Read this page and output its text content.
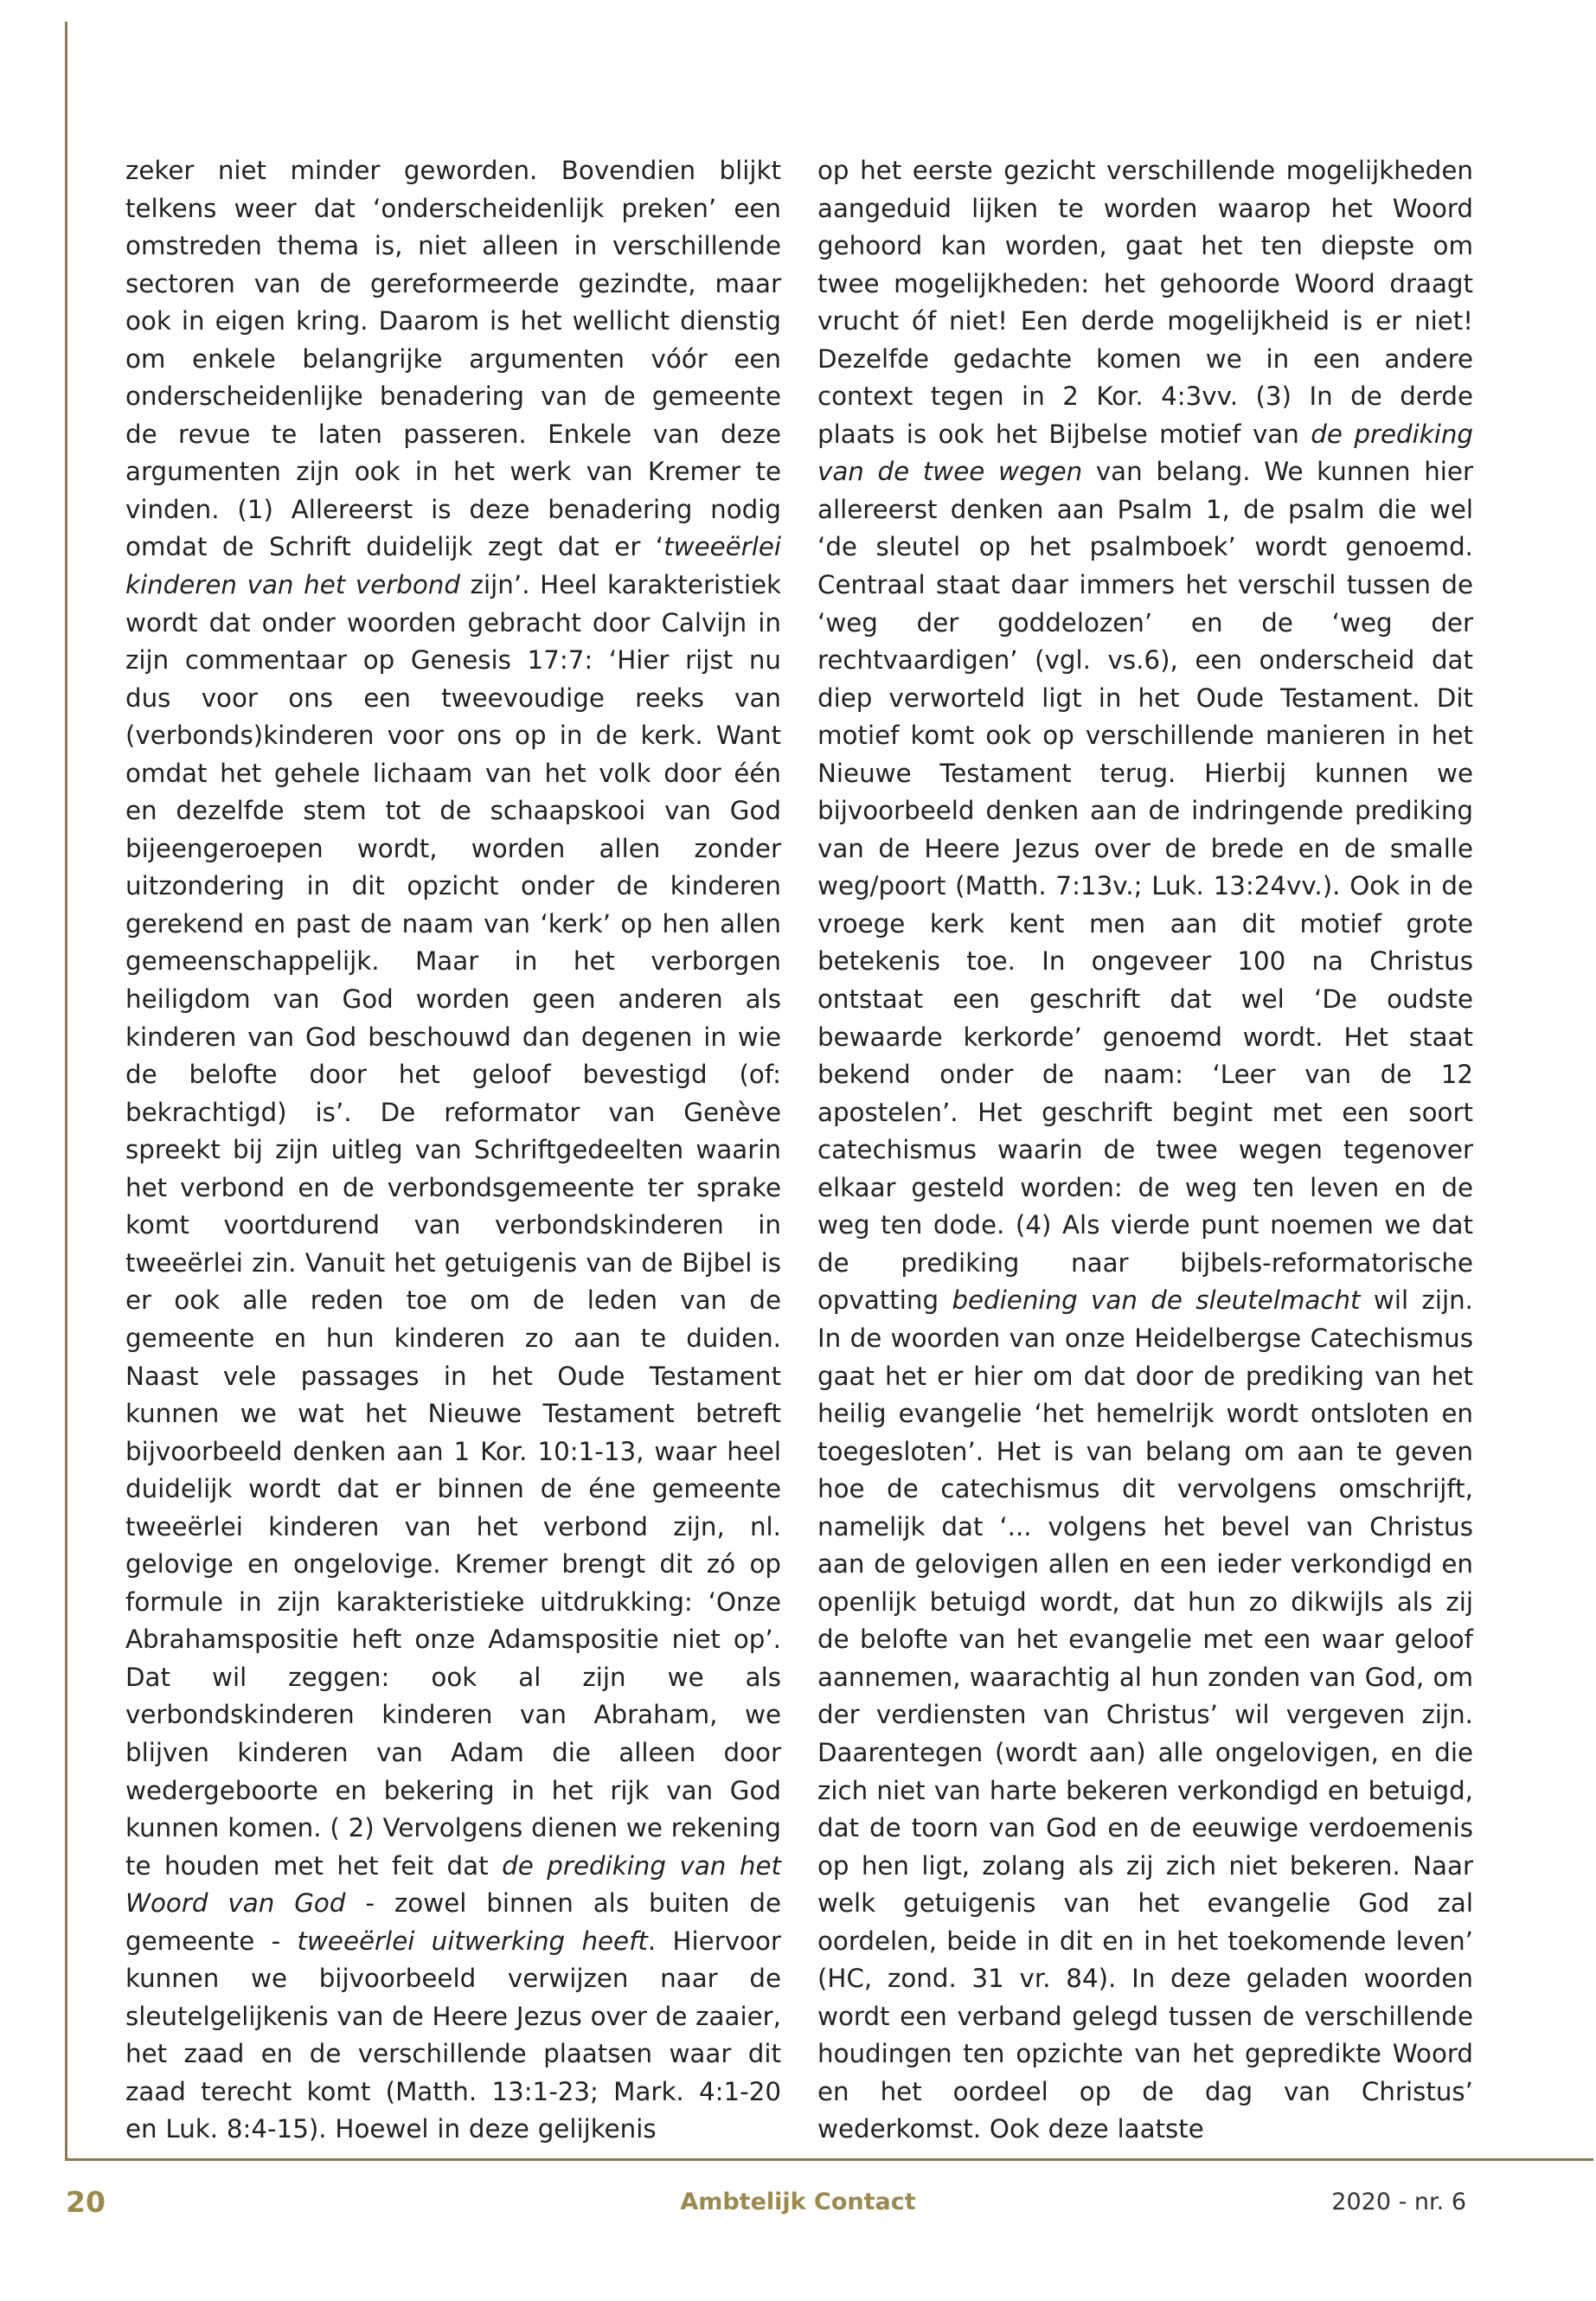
zeker niet minder geworden. Bovendien blijkt telkens weer dat ‘onderscheidenlijk preken’ een omstreden thema is, niet alleen in verschillende sectoren van de gereformeerde gezindte, maar ook in eigen kring. Daarom is het wellicht dienstig om enkele belangrijke argumenten vóór een onderscheidenlijke benadering van de gemeente de revue te laten passeren. Enkele van deze argumenten zijn ook in het werk van Kremer te vinden. (1) Allereerst is deze benadering nodig omdat de Schrift duidelijk zegt dat er ‘tweeërlei kinderen van het verbond zijn’. Heel karakteristiek wordt dat onder woorden gebracht door Calvijn in zijn commentaar op Genesis 17:7: ‘Hier rijst nu dus voor ons een tweevoudige reeks van (verbonds)kinderen voor ons op in de kerk. Want omdat het gehele lichaam van het volk door één en dezelfde stem tot de schaapskooi van God bijeengeroepen wordt, worden allen zonder uitzondering in dit opzicht onder de kinderen gerekend en past de naam van ‘kerk’ op hen allen gemeenschappelijk. Maar in het verborgen heiligdom van God worden geen anderen als kinderen van God beschouwd dan degenen in wie de belofte door het geloof bevestigd (of: bekrachtigd) is’. De reformator van Genève spreekt bij zijn uitleg van Schriftgedeelten waarin het verbond en de verbondsgemeente ter sprake komt voortdurend van verbondskinderen in tweeërlei zin. Vanuit het getuigenis van de Bijbel is er ook alle reden toe om de leden van de gemeente en hun kinderen zo aan te duiden. Naast vele passages in het Oude Testament kunnen we wat het Nieuwe Testament betreft bijvoorbeeld denken aan 1 Kor. 10:1-13, waar heel duidelijk wordt dat er binnen de éne gemeente tweeërlei kinderen van het verbond zijn, nl. gelovige en ongelovige. Kremer brengt dit zó op formule in zijn karakteristieke uitdrukking: ‘Onze Abrahamspositie heft onze Adamspositie niet op’. Dat wil zeggen: ook al zijn we als verbondskinderen kinderen van Abraham, we blijven kinderen van Adam die alleen door wedergeboorte en bekering in het rijk van God kunnen komen. ( 2) Vervolgens dienen we rekening te houden met het feit dat de prediking van het Woord van God - zowel binnen als buiten de gemeente - tweeërlei uitwerking heeft. Hiervoor kunnen we bijvoorbeeld verwijzen naar de sleutelgelijkenis van de Heere Jezus over de zaaier, het zaad en de verschillende plaatsen waar dit zaad terecht komt (Matth. 13:1-23; Mark. 4:1-20 en Luk. 8:4-15). Hoewel in deze gelijkenis

op het eerste gezicht verschillende mogelijkheden aangeduid lijken te worden waarop het Woord gehoord kan worden, gaat het ten diepste om twee mogelijkheden: het gehoorde Woord draagt vrucht óf niet! Een derde mogelijkheid is er niet! Dezelfde gedachte komen we in een andere context tegen in 2 Kor. 4:3vv. (3) In de derde plaats is ook het Bijbelse motief van de prediking van de twee wegen van belang. We kunnen hier allereerst denken aan Psalm 1, de psalm die wel ‘de sleutel op het psalmboek’ wordt genoemd. Centraal staat daar immers het verschil tussen de ‘weg der goddelozen’ en de ‘weg der rechtvaardigen’ (vgl. vs.6), een onderscheid dat diep verworteld ligt in het Oude Testament. Dit motief komt ook op verschillende manieren in het Nieuwe Testament terug. Hierbij kunnen we bijvoorbeeld denken aan de indringende prediking van de Heere Jezus over de brede en de smalle weg/poort (Matth. 7:13v.; Luk. 13:24vv.). Ook in de vroege kerk kent men aan dit motief grote betekenis toe. In ongeveer 100 na Christus ontstaat een geschrift dat wel ‘De oudste bewaarde kerkorde’ genoemd wordt. Het staat bekend onder de naam: ‘Leer van de 12 apostelen’. Het geschrift begint met een soort catechismus waarin de twee wegen tegenover elkaar gesteld worden: de weg ten leven en de weg ten dode. (4) Als vierde punt noemen we dat de prediking naar bijbels-reformatorische opvatting bediening van de sleutelmacht wil zijn. In de woorden van onze Heidelbergse Catechismus gaat het er hier om dat door de prediking van het heilig evangelie ‘het hemelrijk wordt ontsloten en toegesloten’. Het is van belang om aan te geven hoe de catechismus dit vervolgens omschrijft, namelijk dat ‘... volgens het bevel van Christus aan de gelovigen allen en een ieder verkondigd en openlijk betuigd wordt, dat hun zo dikwijls als zij de belofte van het evangelie met een waar geloof aannemen, waarachtig al hun zonden van God, om der verdiensten van Christus’ wil vergeven zijn. Daarentegen (wordt aan) alle ongelovigen, en die zich niet van harte bekeren verkondigd en betuigd, dat de toorn van God en de eeuwige verdoemenis op hen ligt, zolang als zij zich niet bekeren. Naar welk getuigenis van het evangelie God zal oordelen, beide in dit en in het toekomende leven’ (HC, zond. 31 vr. 84). In deze geladen woorden wordt een verband gelegd tussen de verschillende houdingen ten opzichte van het gepredikte Woord en het oordeel op de dag van Christus’ wederkomst. Ook deze laatste

20	Ambtelijk Contact	2020 - nr. 6
